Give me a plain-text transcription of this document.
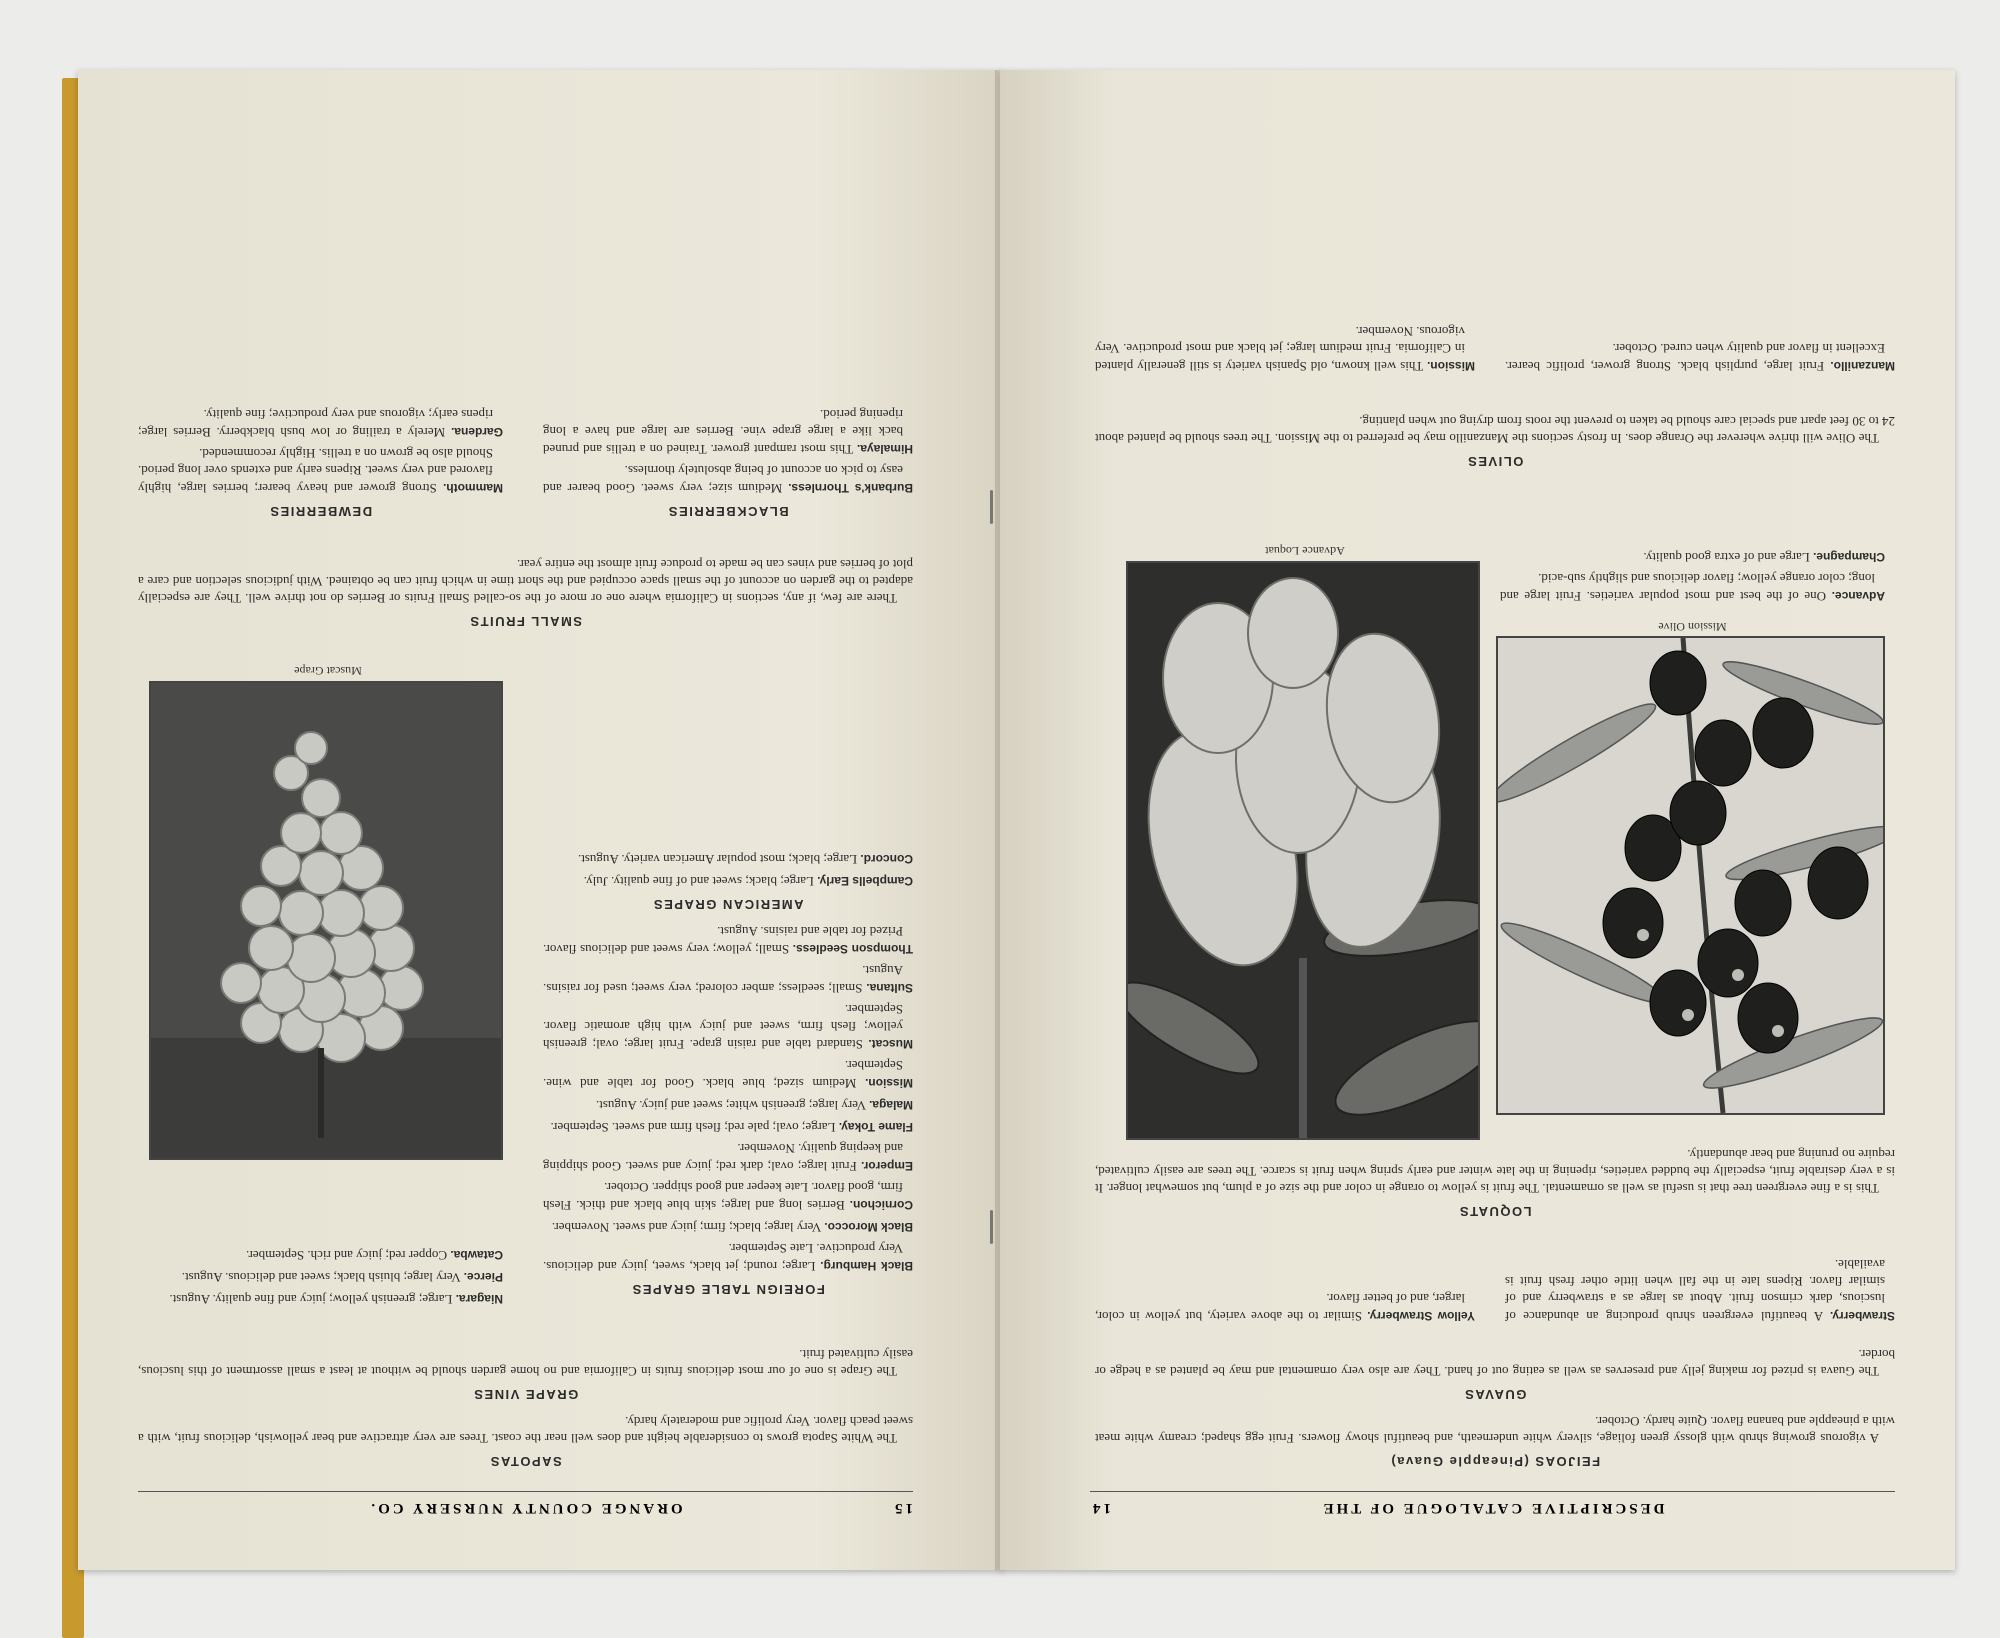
15
ORANGE COUNTY NURSERY CO.
SAPOTAS

The White Sapota grows to considerable height and does well near the coast. Trees are very attractive and bear yellowish, delicious fruit, with a sweet peach flavor. Very prolific and moderately hardy.

GRAPE VINES

The Grape is one of our most delicious fruits in California and no home garden should be without at least a small assortment of this luscious, easily cultivated fruit.

FOREIGN TABLE GRAPES

Black Hamburg. Large; round; jet black, sweet, juicy and delicious. Very productive. Late September.

Black Morocco. Very large; black; firm; juicy and sweet. November.

Cornichon. Berries long and large; skin blue black and thick. Flesh firm, good flavor. Late keeper and good shipper. October.

Emperor. Fruit large; oval; dark red; juicy and sweet. Good shipping and keeping quality. November.

Flame Tokay. Large; oval; pale red; flesh firm and sweet. September.

Malaga. Very large; greenish white; sweet and juicy. August.

Mission. Medium sized; blue black. Good for table and wine. September.

Muscat. Standard table and raisin grape. Fruit large; oval; greenish yellow; flesh firm, sweet and juicy with high aromatic flavor. September.

Sultana. Small; seedless; amber colored; very sweet; used for raisins. August.

Thompson Seedless. Small; yellow; very sweet and delicious flavor. Prized for table and raisins. August.

AMERICAN GRAPES

Campbells Early. Large; black; sweet and of fine quality. July.

Concord. Large; black; most popular American variety. August.

Niagara. Large; greenish yellow; juicy and fine quality. August.

Pierce. Very large; bluish black; sweet and delicious. August.

Catawba. Copper red; juicy and rich. September.

Muscat Grape
SMALL FRUITS

There are few, if any, sections in California where one or more of the so-called Small Fruits or Berries do not thrive well. They are especially adapted to the garden on account of the small space occupied and the short time in which fruit can be obtained. With judicious selection and care a plot of berries and vines can be made to produce fruit almost the entire year.

BLACKBERRIES

Burbank's Thornless. Medium size; very sweet. Good bearer and easy to pick on account of being absolutely thornless.

Himalaya. This most rampant grower. Trained on a trellis and pruned back like a large grape vine. Berries are large and have a long ripening period.

DEWBERRIES

Mammoth. Strong grower and heavy bearer; berries large, highly flavored and very sweet. Ripens early and extends over long period. Should also be grown on a trellis. Highly recommended.

Gardena. Merely a trailing or low bush blackberry. Berries large; ripens early; vigorous and very productive; fine quality.

14	DESCRIPTIVE CATALOGUE OF THE
FEIJOAS (Pineapple Guava)

A vigorous growing shrub with glossy green foliage, silvery white underneath, and beautiful showy flowers. Fruit egg shaped; creamy white meat with a pineapple and banana flavor. Quite hardy. October.

GUAVAS

The Guava is prized for making jelly and preserves as well as eating out of hand. They are also very ornamental and may be planted as a hedge or border.

Strawberry. A beautiful evergreen shrub producing an abundance of luscious, dark crimson fruit. About as large as a strawberry and of similar flavor. Ripens late in the fall when little other fresh fruit is available.

Yellow Strawberry. Similar to the above variety, but yellow in color, larger, and of better flavor.

LOQUATS

This is a fine evergreen tree that is useful as well as ornamental. The fruit is yellow to orange in color and the size of a plum, but somewhat longer. It is a very desirable fruit, especially the budded varieties, ripening in the late winter and early spring when fruit is scarce. The trees are easily cultivated, require no pruning and bear abundantly.

Mission Olive
Advance Loquat

Advance. One of the best and most popular varieties. Fruit large and long; color orange yellow; flavor delicious and slightly sub-acid.

Champagne. Large and of extra good quality.

OLIVES

The Olive will thrive wherever the Orange does. In frosty sections the Manzanillo may be preferred to the Mission. The trees should be planted about 24 to 30 feet apart and special care should be taken to prevent the roots from drying out when planting.

Manzanillo. Fruit large, purplish black. Strong grower, prolific bearer. Excellent in flavor and quality when cured. October.

Mission. This well known, old Spanish variety is still generally planted in California. Fruit medium large; jet black and most productive. Very vigorous. November.
